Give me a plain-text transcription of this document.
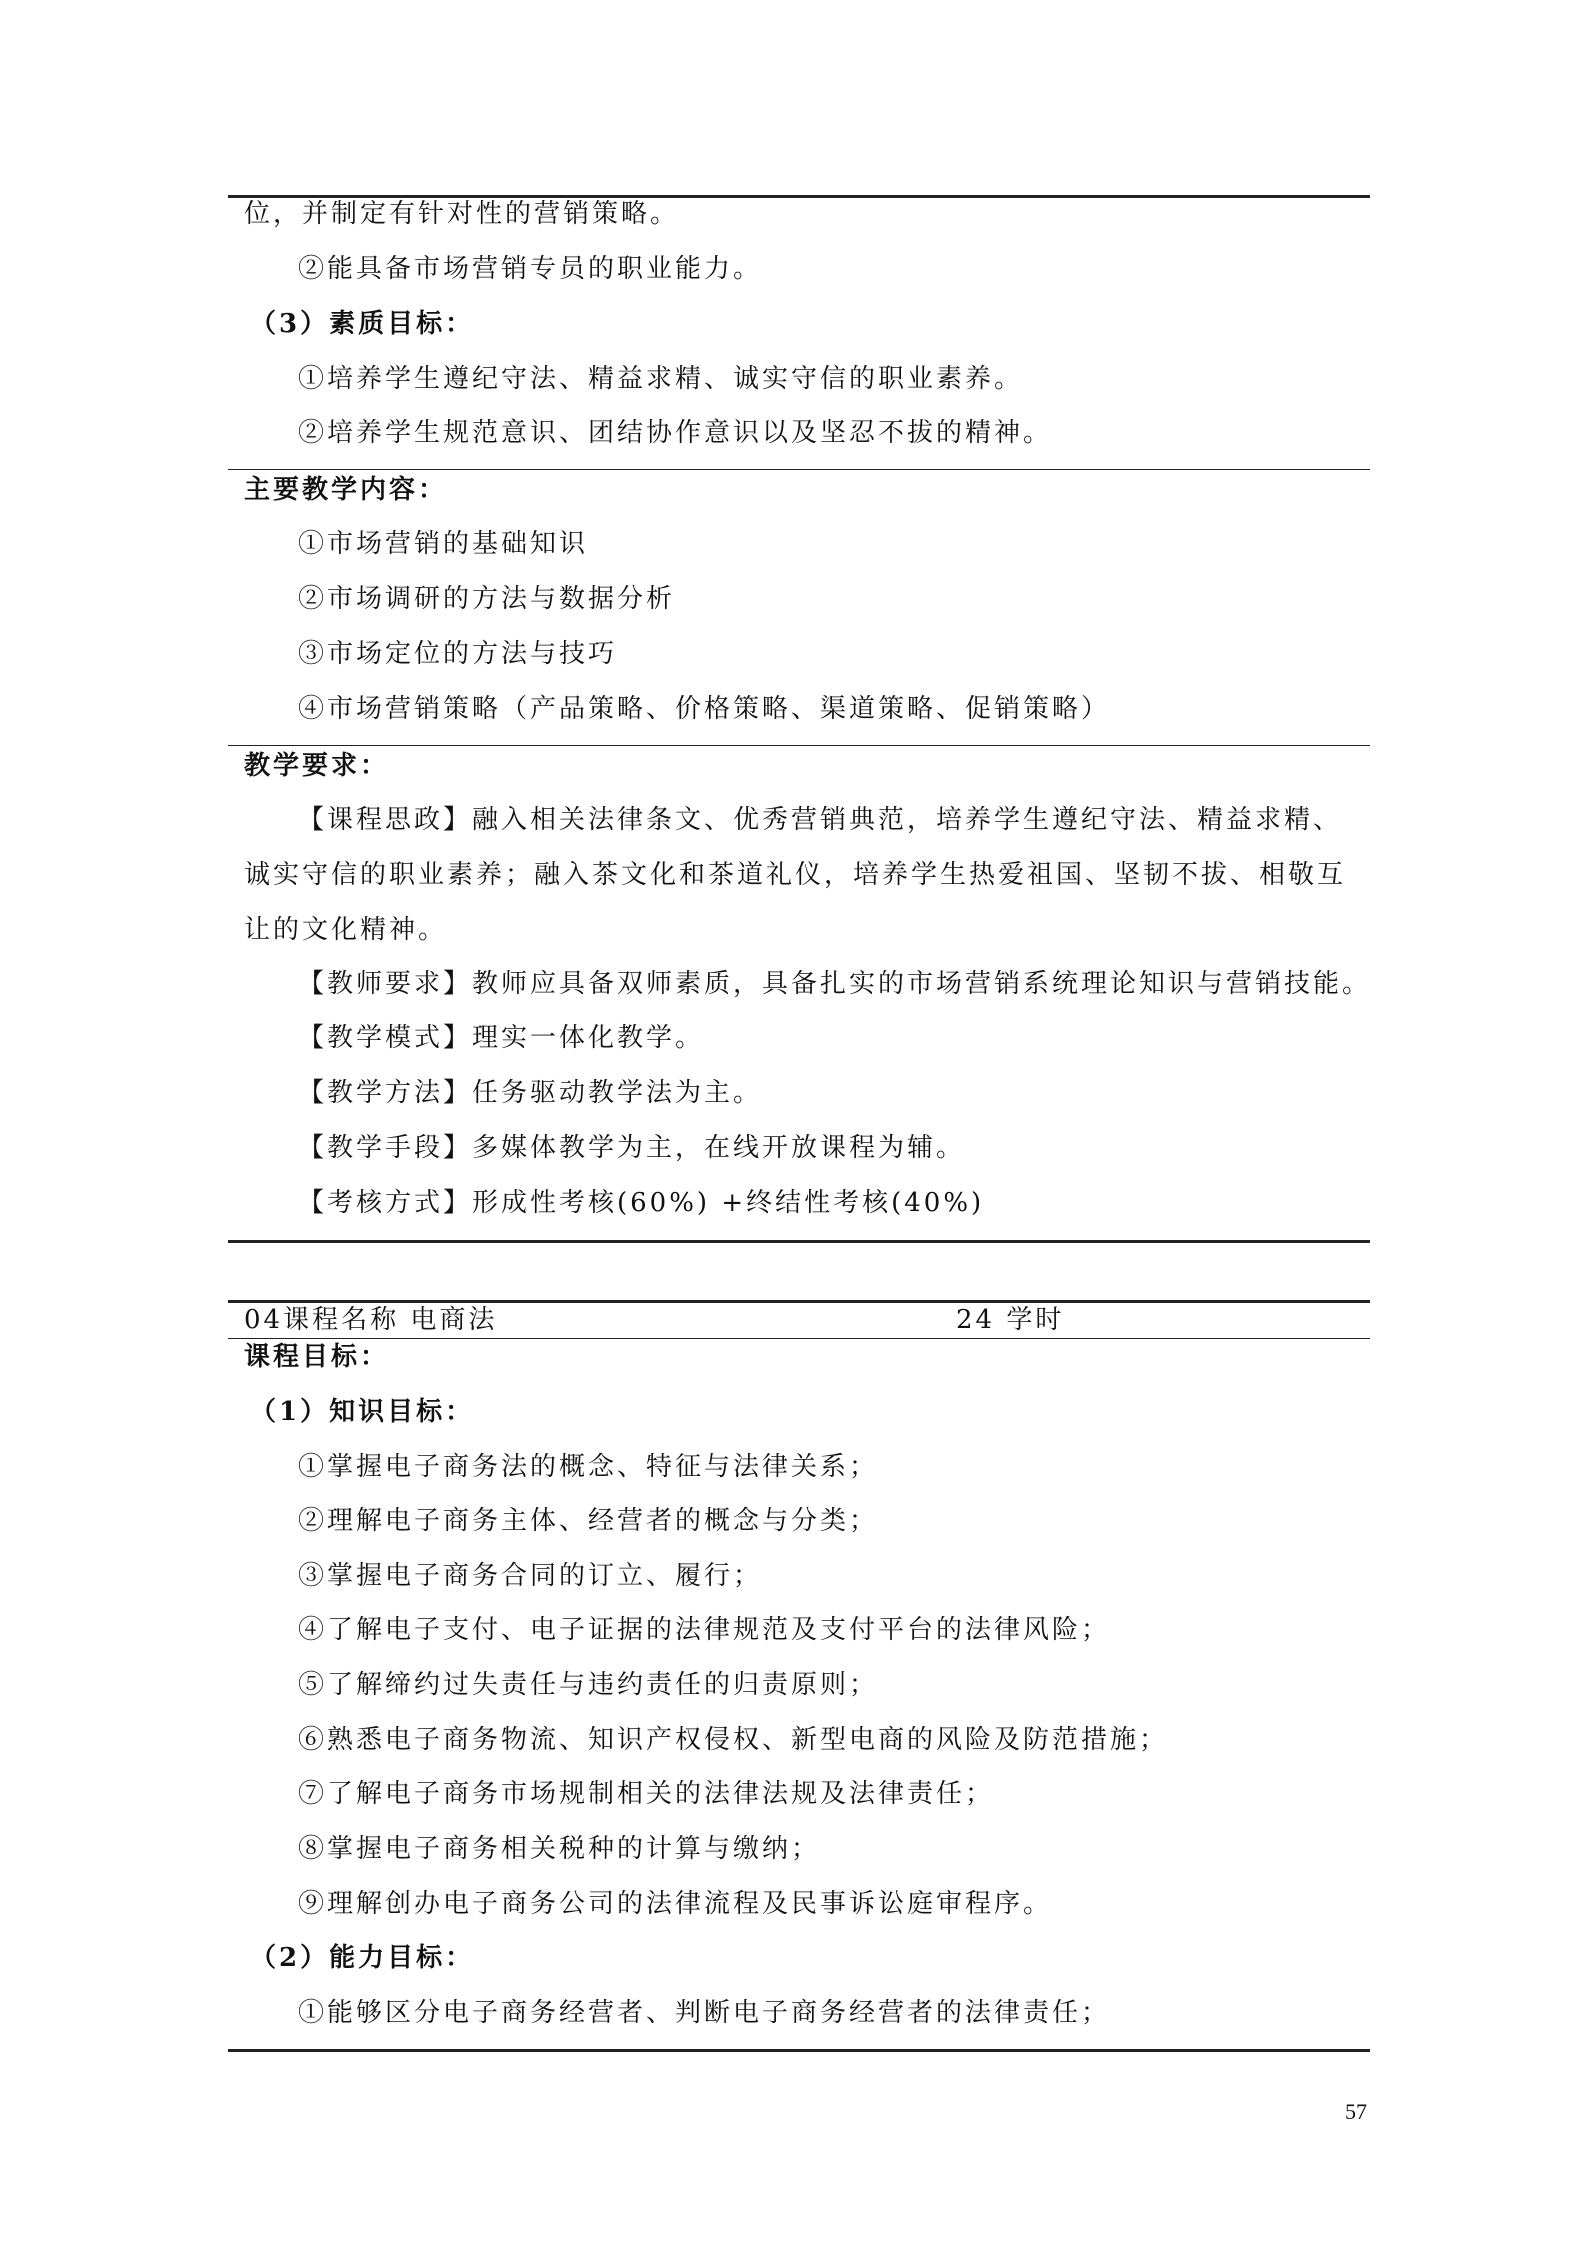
位，并制定有针对性的营销策略。
②能具备市场营销专员的职业能力。
（3）素质目标：
①培养学生遵纪守法、精益求精、诚实守信的职业素养。
②培养学生规范意识、团结协作意识以及坚忍不拔的精神。
主要教学内容：
①市场营销的基础知识
②市场调研的方法与数据分析
③市场定位的方法与技巧
④市场营销策略（产品策略、价格策略、渠道策略、促销策略）
教学要求：
【课程思政】融入相关法律条文、优秀营销典范，培养学生遵纪守法、精益求精、诚实守信的职业素养；融入茶文化和茶道礼仪，培养学生热爱祖国、坚韧不拔、相敬互让的文化精神。
【教师要求】教师应具备双师素质，具备扎实的市场营销系统理论知识与营销技能。
【教学模式】理实一体化教学。
【教学方法】任务驱动教学法为主。
【教学手段】多媒体教学为主，在线开放课程为辅。
【考核方式】形成性考核(60%) +终结性考核(40%)
04课程名称 电商法	24 学时
课程目标：
（1）知识目标：
①掌握电子商务法的概念、特征与法律关系；
②理解电子商务主体、经营者的概念与分类；
③掌握电子商务合同的订立、履行；
④了解电子支付、电子证据的法律规范及支付平台的法律风险；
⑤了解缔约过失责任与违约责任的归责原则；
⑥熟悉电子商务物流、知识产权侵权、新型电商的风险及防范措施；
⑦了解电子商务市场规制相关的法律法规及法律责任；
⑧掌握电子商务相关税种的计算与缴纳；
⑨理解创办电子商务公司的法律流程及民事诉讼庭审程序。
（2）能力目标：
①能够区分电子商务经营者、判断电子商务经营者的法律责任；
57
